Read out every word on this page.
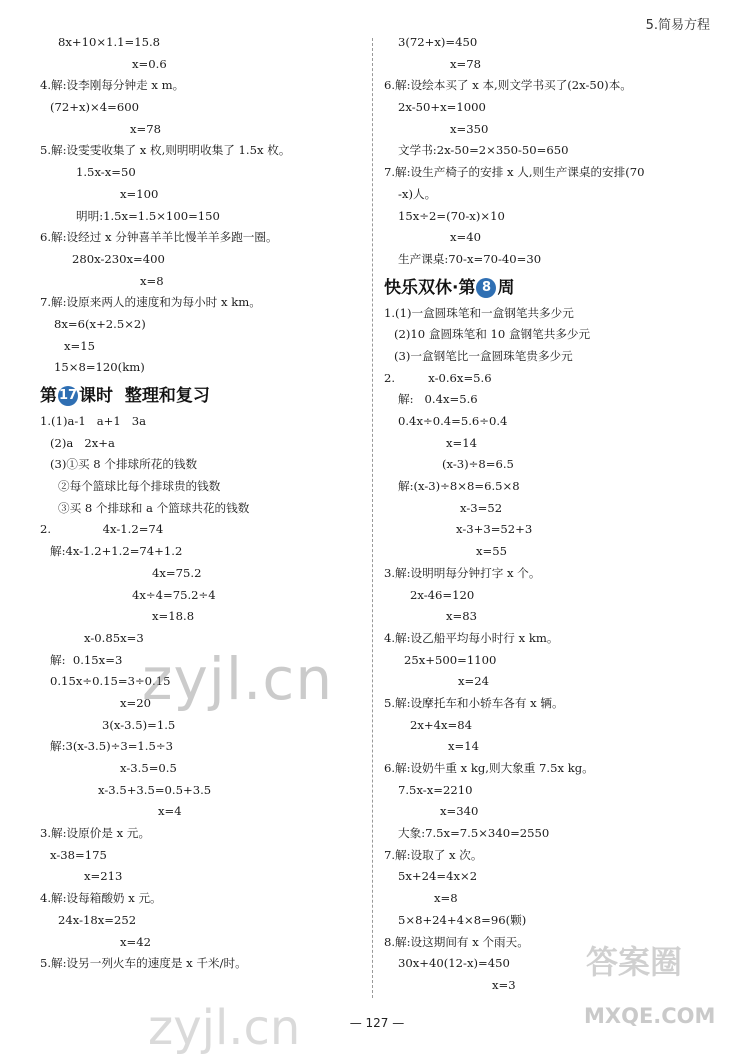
5.简易方程
8x+10×1.1=15.8
x=0.6
4.解:设李刚每分钟走 x m。
(72+x)×4=600
x=78
5.解:设雯雯收集了 x 枚,则明明收集了 1.5x 枚。
1.5x-x=50
x=100
明明:1.5x=1.5×100=150
6.解:设经过 x 分钟喜羊羊比慢羊羊多跑一圈。
280x-230x=400
x=8
7.解:设原来两人的速度和为每小时 x km。
8x=6(x+2.5×2)
x=15
15×8=120(km)
第 17 课时  整理和复习
1.(1)a-1   a+1   3a
(2)a   2x+a
(3)①买 8 个排球所花的钱数
②每个篮球比每个排球贵的钱数
③买 8 个排球和 a 个篮球共花的钱数
2.              4x-1.2=74
解:4x-1.2+1.2=74+1.2
4x=75.2
4x÷4=75.2÷4
x=18.8
x-0.85x=3
解:  0.15x=3
0.15x÷0.15=3÷0.15
x=20
3(x-3.5)=1.5
解:3(x-3.5)÷3=1.5÷3
x-3.5=0.5
x-3.5+3.5=0.5+3.5
x=4
3.解:设原价是 x 元。
x-38=175
x=213
4.解:设每箱酸奶 x 元。
24x-18x=252
x=42
5.解:设另一列火车的速度是 x 千米/时。
3(72+x)=450
x=78
6.解:设绘本买了 x 本,则文学书买了(2x-50)本。
2x-50+x=1000
x=350
文学书:2x-50=2×350-50=650
7.解:设生产椅子的安排 x 人,则生产课桌的安排(70
-x)人。
15x÷2=(70-x)×10
x=40
生产课桌:70-x=70-40=30
快乐双休·第 8 周
1.(1)一盒圆珠笔和一盒钢笔共多少元
(2)10 盒圆珠笔和 10 盒钢笔共多少元
(3)一盒钢笔比一盒圆珠笔贵多少元
2.         x-0.6x=5.6
解:   0.4x=5.6
0.4x÷0.4=5.6÷0.4
x=14
(x-3)÷8=6.5
解:(x-3)÷8×8=6.5×8
x-3=52
x-3+3=52+3
x=55
3.解:设明明每分钟打字 x 个。
2x-46=120
x=83
4.解:设乙船平均每小时行 x km。
25x+500=1100
x=24
5.解:设摩托车和小轿车各有 x 辆。
2x+4x=84
x=14
6.解:设奶牛重 x kg,则大象重 7.5x kg。
7.5x-x=2210
x=340
大象:7.5x=7.5×340=2550
7.解:设取了 x 次。
5x+24=4x×2
x=8
5×8+24+4×8=96(颗)
8.解:设这期间有 x 个雨天。
30x+40(12-x)=450
x=3
zyjl.cn
zyjl.cn
答案圈
MXQE.COM
— 127 —
